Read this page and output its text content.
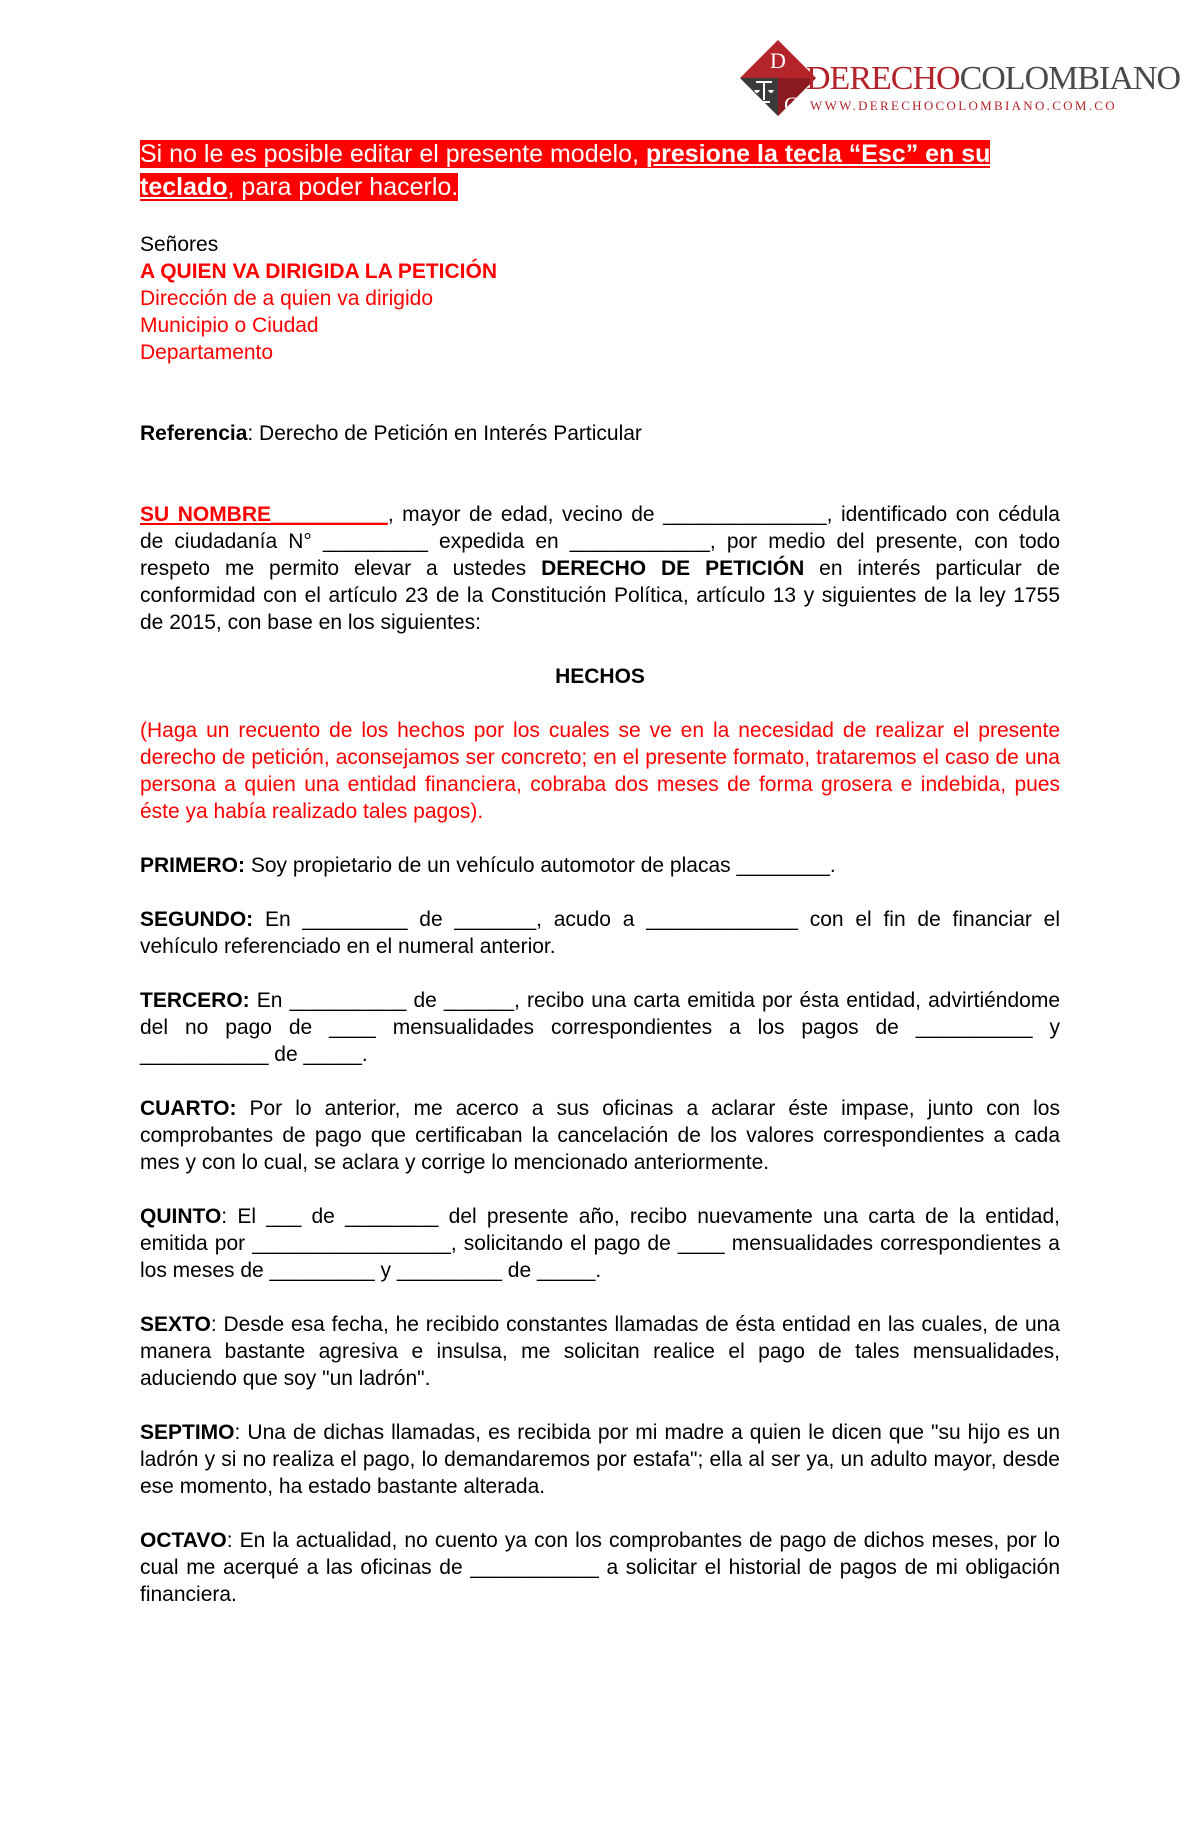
D
C
DERECHOCOLOMBIANO
WWW.DERECHOCOLOMBIANO.COM.CO

Si no le es posible editar el presente modelo, presione la tecla “Esc” en su teclado, para poder hacerlo.

Señores

A QUIEN VA DIRIGIDA LA PETICIÓN

Dirección de a quien va dirigido

Municipio o Ciudad

Departamento

Referencia: Derecho de Petición en Interés Particular

SU NOMBRE__________, mayor de edad, vecino de ______________, identificado con cédula de ciudadanía N° _________ expedida en ____________, por medio del presente, con todo respeto me permito elevar a ustedes DERECHO DE PETICIÓN en interés particular de conformidad con el artículo 23 de la Constitución Política, artículo 13 y siguientes de la ley 1755 de 2015, con base en los siguientes:

HECHOS

(Haga un recuento de los hechos por los cuales se ve en la necesidad de realizar el presente derecho de petición, aconsejamos ser concreto; en el presente formato, trataremos el caso de una persona a quien una entidad financiera, cobraba dos meses de forma grosera e indebida, pues éste ya había realizado tales pagos).

PRIMERO: Soy propietario de un vehículo automotor de placas ________.

SEGUNDO: En _________ de _______, acudo a _____________ con el fin de financiar el vehículo referenciado en el numeral anterior.

TERCERO: En __________ de ______, recibo una carta emitida por ésta entidad, advirtiéndome del no pago de ____ mensualidades correspondientes a los pagos de __________ y ___________ de _____.

CUARTO: Por lo anterior, me acerco a sus oficinas a aclarar éste impase, junto con los comprobantes de pago que certificaban la cancelación de los valores correspondientes a cada mes y con lo cual, se aclara y corrige lo mencionado anteriormente.

QUINTO: El ___ de ________ del presente año, recibo nuevamente una carta de la entidad, emitida por _________________, solicitando el pago de ____ mensualidades correspondientes a los meses de _________ y _________ de _____.

SEXTO: Desde esa fecha, he recibido constantes llamadas de ésta entidad en las cuales, de una manera bastante agresiva e insulsa, me solicitan realice el pago de tales mensualidades, aduciendo que soy "un ladrón".

SEPTIMO: Una de dichas llamadas, es recibida por mi madre a quien le dicen que "su hijo es un ladrón y si no realiza el pago, lo demandaremos por estafa"; ella al ser ya, un adulto mayor, desde ese momento, ha estado bastante alterada.

OCTAVO: En la actualidad, no cuento ya con los comprobantes de pago de dichos meses, por lo cual me acerqué a las oficinas de ___________ a solicitar el historial de pagos de mi obligación financiera.
